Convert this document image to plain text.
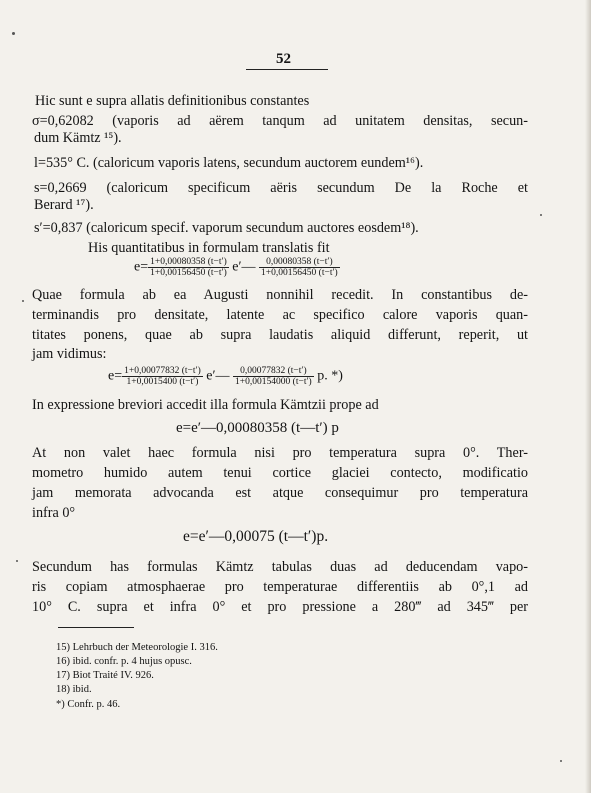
52
Hic sunt e supra allatis definitionibus constantes
σ=0,62082 (vaporis ad aërem tanqum ad unitatem densitas, secun-
dum Kämtz ¹⁵).
l=535° C. (caloricum vaporis latens, secundum auctorem eundem¹⁶).
s=0,2669 (caloricum specificum aëris secundum De la Roche et
Berard ¹⁷).
s′=0,837 (caloricum specif. vaporum secundum auctores eosdem¹⁸).
His quantitatibus in formulam translatis fit
Quae formula ab ea Augusti nonnihil recedit. In constantibus de-
terminandis pro densitate, latente ac specifico calore vaporis quan-
titates ponens, quae ab supra laudatis aliquid differunt, reperit, ut
jam vidimus:
In expressione breviori accedit illa formula Kämtzii prope ad
At non valet haec formula nisi pro temperatura supra 0°. Ther-
mometro humido autem tenui cortice glaciei contecto, modificatio
jam memorata advocanda est atque consequimur pro temperatura
infra 0°
Secundum has formulas Kämtz tabulas duas ad deducendam vapo-
ris copiam atmosphaerae pro temperaturae differentiis ab 0°,1 ad
10° C. supra et infra 0° et pro pressione a 280‴ ad 345‴ per
$e= \frac{1+0,00080358 (t-t')}{1+0,00156450 (t-t')}$ e′— $\frac{0,00080358 (t-t')}{1+0,00156450 (t-t')}$
$e= \frac{1+0,00077832 (t-t')}{1+0,0015400 (t-t')}$ e′— $\frac{0,00077832 (t-t')}{1+0,00154000 (t-t')} p$. *)
e=e′—0,00080358 (t—t′) p
e=e′—0,00075 (t—t′)p.
15) Lehrbuch der Meteorologie I. 316.
16) ibid. confr. p. 4 hujus opusc.
17) Biot Traité IV. 926.
18) ibid.
*) Confr. p. 46.
